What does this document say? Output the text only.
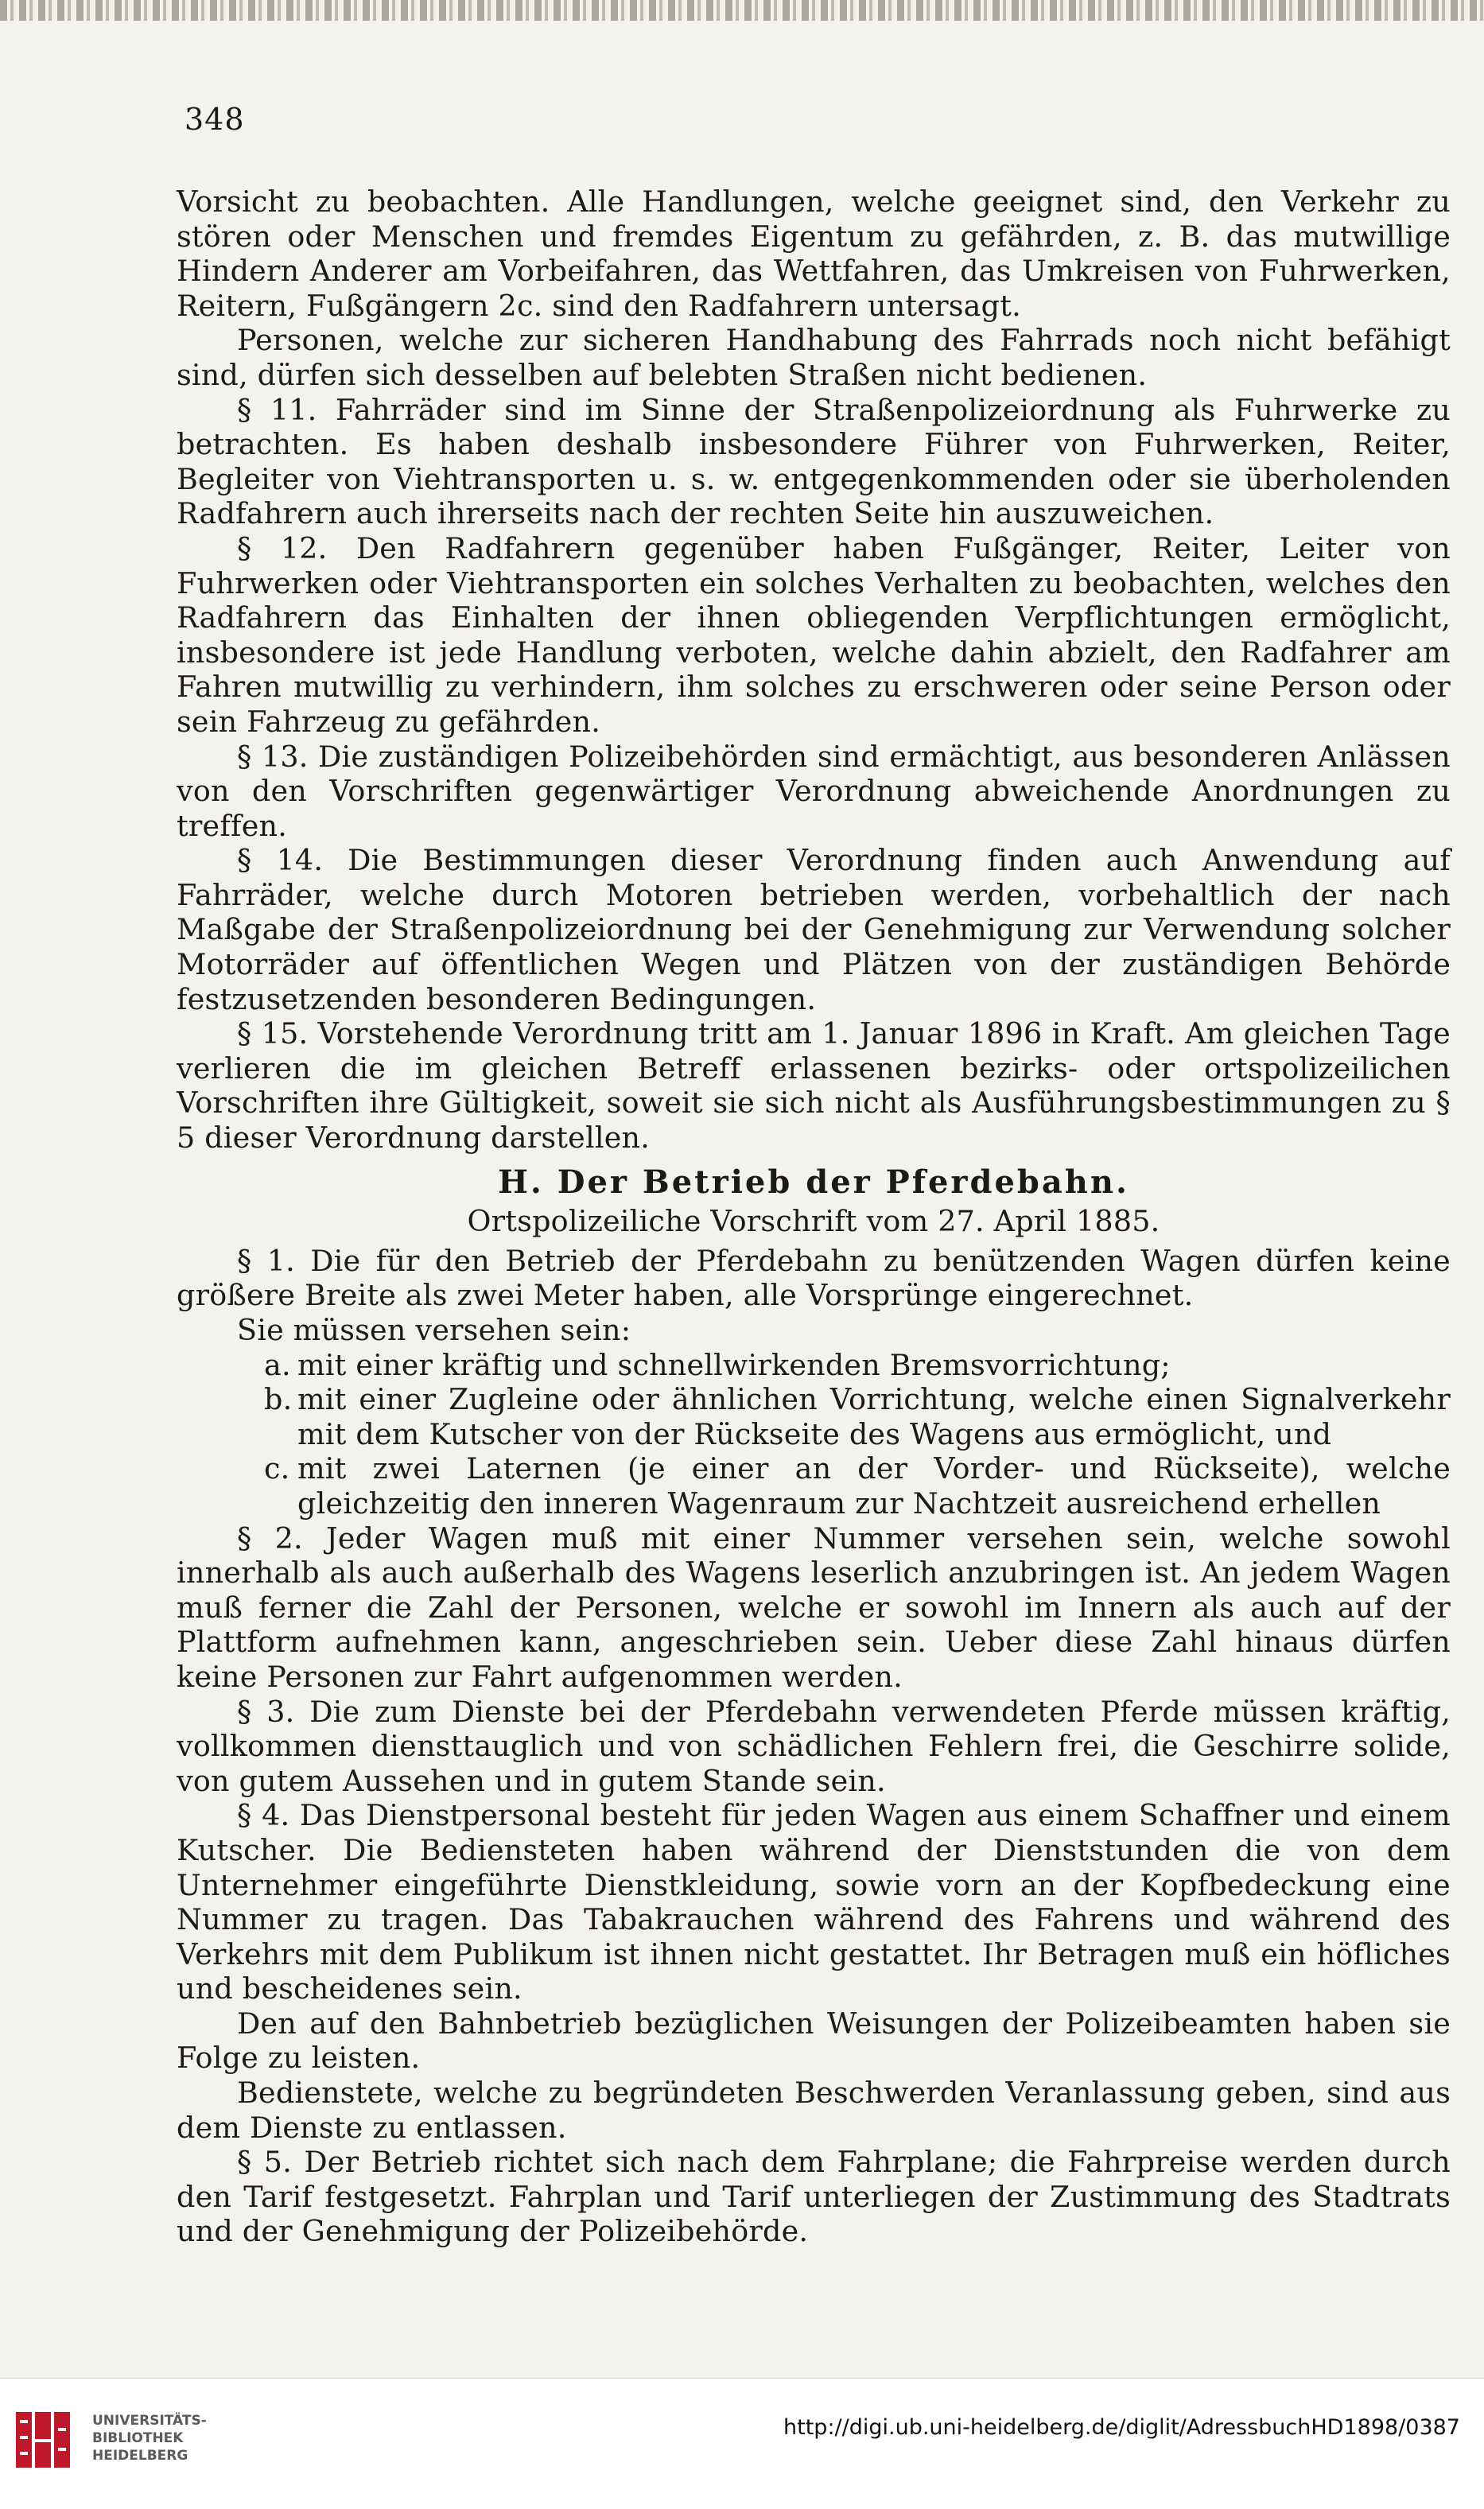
348

Vorsicht zu beobachten. Alle Handlungen, welche geeignet sind, den Verkehr zu stören oder Menschen und fremdes Eigentum zu gefährden, z. B. das mutwillige Hindern Anderer am Vorbeifahren, das Wettfahren, das Umkreisen von Fuhrwerken, Reitern, Fußgängern 2c. sind den Radfahrern untersagt.

Personen, welche zur sicheren Handhabung des Fahrrads noch nicht befähigt sind, dürfen sich desselben auf belebten Straßen nicht bedienen.

§ 11. Fahrräder sind im Sinne der Straßenpolizeiordnung als Fuhrwerke zu betrachten. Es haben deshalb insbesondere Führer von Fuhrwerken, Reiter, Begleiter von Viehtransporten u. s. w. entgegenkommenden oder sie überholenden Radfahrern auch ihrerseits nach der rechten Seite hin auszuweichen.

§ 12. Den Radfahrern gegenüber haben Fußgänger, Reiter, Leiter von Fuhrwerken oder Viehtransporten ein solches Verhalten zu beobachten, welches den Radfahrern das Einhalten der ihnen obliegenden Verpflichtungen ermöglicht, insbesondere ist jede Handlung verboten, welche dahin abzielt, den Radfahrer am Fahren mutwillig zu verhindern, ihm solches zu erschweren oder seine Person oder sein Fahrzeug zu gefährden.

§ 13. Die zuständigen Polizeibehörden sind ermächtigt, aus besonderen Anlässen von den Vorschriften gegenwärtiger Verordnung abweichende Anordnungen zu treffen.

§ 14. Die Bestimmungen dieser Verordnung finden auch Anwendung auf Fahrräder, welche durch Motoren betrieben werden, vorbehaltlich der nach Maßgabe der Straßenpolizeiordnung bei der Genehmigung zur Verwendung solcher Motorräder auf öffentlichen Wegen und Plätzen von der zuständigen Behörde festzusetzenden besonderen Bedingungen.

§ 15. Vorstehende Verordnung tritt am 1. Januar 1896 in Kraft. Am gleichen Tage verlieren die im gleichen Betreff erlassenen bezirks- oder ortspolizeilichen Vorschriften ihre Gültigkeit, soweit sie sich nicht als Ausführungsbestimmungen zu § 5 dieser Verordnung darstellen.

H. Der Betrieb der Pferdebahn.
Ortspolizeiliche Vorschrift vom 27. April 1885.

§ 1. Die für den Betrieb der Pferdebahn zu benützenden Wagen dürfen keine größere Breite als zwei Meter haben, alle Vorsprünge eingerechnet.

Sie müssen versehen sein:

a. mit einer kräftig und schnellwirkenden Bremsvorrichtung;
b. mit einer Zugleine oder ähnlichen Vorrichtung, welche einen Signalverkehr mit dem Kutscher von der Rückseite des Wagens aus ermöglicht, und
c. mit zwei Laternen (je einer an der Vorder- und Rückseite), welche gleichzeitig den inneren Wagenraum zur Nachtzeit ausreichend erhellen

§ 2. Jeder Wagen muß mit einer Nummer versehen sein, welche sowohl innerhalb als auch außerhalb des Wagens leserlich anzubringen ist. An jedem Wagen muß ferner die Zahl der Personen, welche er sowohl im Innern als auch auf der Plattform aufnehmen kann, angeschrieben sein. Ueber diese Zahl hinaus dürfen keine Personen zur Fahrt aufgenommen werden.

§ 3. Die zum Dienste bei der Pferdebahn verwendeten Pferde müssen kräftig, vollkommen diensttauglich und von schädlichen Fehlern frei, die Geschirre solide, von gutem Aussehen und in gutem Stande sein.

§ 4. Das Dienstpersonal besteht für jeden Wagen aus einem Schaffner und einem Kutscher. Die Bediensteten haben während der Dienststunden die von dem Unternehmer eingeführte Dienstkleidung, sowie vorn an der Kopfbedeckung eine Nummer zu tragen. Das Tabakrauchen während des Fahrens und während des Verkehrs mit dem Publikum ist ihnen nicht gestattet. Ihr Betragen muß ein höfliches und bescheidenes sein.

Den auf den Bahnbetrieb bezüglichen Weisungen der Polizeibeamten haben sie Folge zu leisten.

Bedienstete, welche zu begründeten Beschwerden Veranlassung geben, sind aus dem Dienste zu entlassen.

§ 5. Der Betrieb richtet sich nach dem Fahrplane; die Fahrpreise werden durch den Tarif festgesetzt. Fahrplan und Tarif unterliegen der Zustimmung des Stadtrats und der Genehmigung der Polizeibehörde.

UNIVERSITÄTS-
BIBLIOTHEK
HEIDELBERG
http://digi.ub.uni-heidelberg.de/diglit/AdressbuchHD1898/0387
